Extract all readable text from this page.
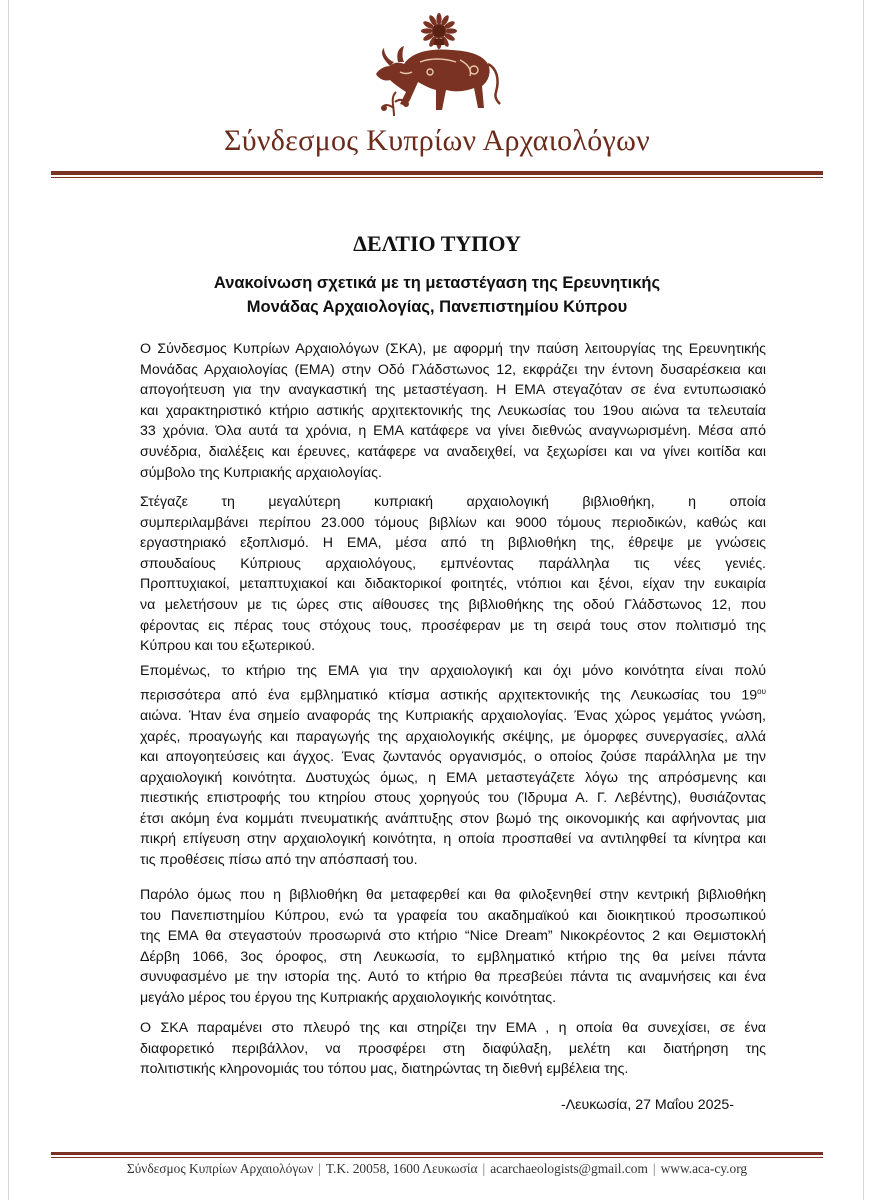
Σύνδεσμος Κυπρίων Αρχαιολόγων
ΔΕΛΤΙΟ ΤΥΠΟΥ
Ανακοίνωση σχετικά με τη μεταστέγαση της Ερευνητικής
Μονάδας Αρχαιολογίας, Πανεπιστημίου Κύπρου
Ο Σύνδεσμος Κυπρίων Αρχαιολόγων (ΣΚΑ), με αφορμή την παύση λειτουργίας της Ερευνητικής
Μονάδας Αρχαιολογίας (ΕΜΑ) στην Οδό Γλάδστωνος 12, εκφράζει την έντονη δυσαρέσκεια και
απογοήτευση για την αναγκαστική της μεταστέγαση. Η ΕΜΑ στεγαζόταν σε ένα εντυπωσιακό
και χαρακτηριστικό κτήριο αστικής αρχιτεκτονικής της Λευκωσίας του 19ου αιώνα τα τελευταία
33 χρόνια. Όλα αυτά τα χρόνια, η ΕΜΑ κατάφερε να γίνει διεθνώς αναγνωρισμένη. Μέσα από
συνέδρια, διαλέξεις και έρευνες, κατάφερε να αναδειχθεί, να ξεχωρίσει και να γίνει κοιτίδα και
σύμβολο της Κυπριακής αρχαιολογίας.
Στέγαζε τη μεγαλύτερη κυπριακή αρχαιολογική βιβλιοθήκη, η οποία
συμπεριλαμβάνει περίπου 23.000 τόμους βιβλίων και 9000 τόμους περιοδικών, καθώς και
εργαστηριακό εξοπλισμό. Η ΕΜΑ, μέσα από τη βιβλιοθήκη της, έθρεψε με γνώσεις
σπουδαίους Κύπριους αρχαιολόγους, εμπνέοντας παράλληλα τις νέες γενιές.
Προπτυχιακοί, μεταπτυχιακοί και διδακτορικοί φοιτητές, ντόπιοι και ξένοι, είχαν την ευκαιρία
να μελετήσουν με τις ώρες στις αίθουσες της βιβλιοθήκης της οδού Γλάδστωνος 12, που
φέροντας εις πέρας τους στόχους τους, προσέφεραν με τη σειρά τους στον πολιτισμό της
Κύπρου και του εξωτερικού.
Επομένως, το κτήριο της ΕΜΑ για την αρχαιολογική και όχι μόνο κοινότητα είναι πολύ
περισσότερα από ένα εμβληματικό κτίσμα αστικής αρχιτεκτονικής της Λευκωσίας του $19^{o\upsilon}$
αιώνα. Ήταν ένα σημείο αναφοράς της Κυπριακής αρχαιολογίας. Ένας χώρος γεμάτος γνώση,
χαρές, προαγωγής και παραγωγής της αρχαιολογικής σκέψης, με όμορφες συνεργασίες, αλλά
και απογοητεύσεις και άγχος. Ένας ζωντανός οργανισμός, ο οποίος ζούσε παράλληλα με την
αρχαιολογική κοινότητα. Δυστυχώς όμως, η ΕΜΑ μεταστεγάζετε λόγω της απρόσμενης και
πιεστικής επιστροφής του κτηρίου στους χορηγούς του (Ίδρυμα Α. Γ. Λεβέντης), θυσιάζοντας
έτσι ακόμη ένα κομμάτι πνευματικής ανάπτυξης στον βωμό της οικονομικής και αφήνοντας μια
πικρή επίγευση στην αρχαιολογική κοινότητα, η οποία προσπαθεί να αντιληφθεί τα κίνητρα και
τις προθέσεις πίσω από την απόσπασή του.
Παρόλο όμως που η βιβλιοθήκη θα μεταφερθεί και θα φιλοξενηθεί στην κεντρική βιβλιοθήκη
του Πανεπιστημίου Κύπρου, ενώ τα γραφεία του ακαδημαϊκού και διοικητικού προσωπικού
της ΕΜΑ θα στεγαστούν προσωρινά στο κτήριο “Nice Dream” Νικοκρέοντος 2 και Θεμιστοκλή
Δέρβη 1066, 3ος όροφος, στη Λευκωσία, το εμβληματικό κτήριο της θα μείνει πάντα
συνυφασμένο με την ιστορία της. Αυτό το κτήριο θα πρεσβεύει πάντα τις αναμνήσεις και ένα
μεγάλο μέρος του έργου της Κυπριακής αρχαιολογικής κοινότητας.
Ο ΣΚΑ παραμένει στο πλευρό της και στηρίζει την ΕΜΑ , η οποία θα συνεχίσει, σε ένα
διαφορετικό περιβάλλον, να προσφέρει στη διαφύλαξη, μελέτη και διατήρηση της
πολιτιστικής κληρονομιάς του τόπου μας, διατηρώντας τη διεθνή εμβέλεια της.
-Λευκωσία, 27 Μαΐου 2025-
Σύνδεσμος Κυπρίων Αρχαιολόγων | Τ.Κ. 20058, 1600 Λευκωσία | acarchaeologists@gmail.com | www.aca-cy.org
